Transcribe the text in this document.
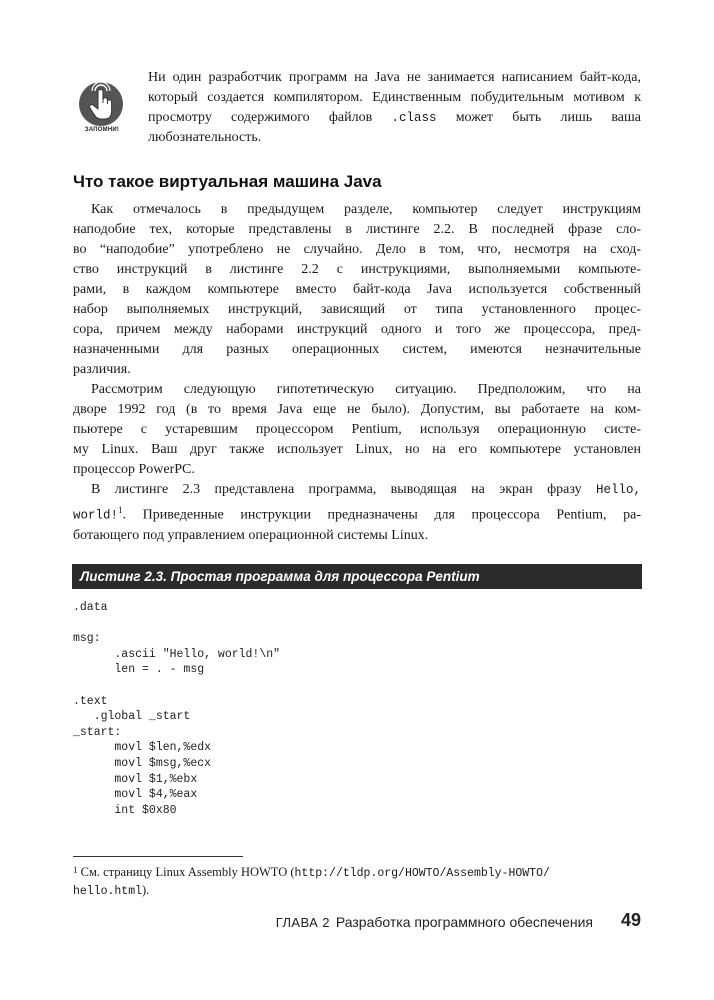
Ни один разработчик программ на Java не занимается написанием байт-кода, который создается компилятором. Единственным побудительным мотивом к просмотру содержимого файлов .class может быть лишь ваша любознательность.
ЗАПОМНИ!
Что такое виртуальная машина Java

Как отмечалось в предыдущем разделе, компьютер следует инструкциям
наподобие тех, которые представлены в листинге 2.2. В последней фразе сло-
во “наподобие” употреблено не случайно. Дело в том, что, несмотря на сход-
ство инструкций в листинге 2.2 с инструкциями, выполняемыми компьюте-
рами, в каждом компьютере вместо байт-кода Java используется собственный
набор выполняемых инструкций, зависящий от типа установленного процес-
сора, причем между наборами инструкций одного и того же процессора, пред-
назначенными для разных операционных систем, имеются незначительные
различия.

Рассмотрим следующую гипотетическую ситуацию. Предположим, что на
дворе 1992 год (в то время Java еще не было). Допустим, вы работаете на ком-
пьютере с устаревшим процессором Pentium, используя операционную систе-
му Linux. Ваш друг также использует Linux, но на его компьютере установлен
процессор PowerPC.

В листинге 2.3 представлена программа, выводящая на экран фразу Hello,
world!$^1$. Приведенные инструкции предназначены для процессора Pentium, ра-
ботающего под управлением операционной системы Linux.

Листинг 2.3. Простая программа для процессора Pentium
.data

msg:
.ascii "Hello, world!\n"
len = . - msg

.text
.global _start
_start:
movl $len,%edx
movl $msg,%ecx
movl $1,%ebx
movl $4,%eax
int $0x80
$^1$ См. страницу Linux Assembly HOWTO (http://tldp.org/HOWTO/Assembly-HOWTO/
hello.html).
ГЛАВА 2 Разработка программного обеспечения 49
